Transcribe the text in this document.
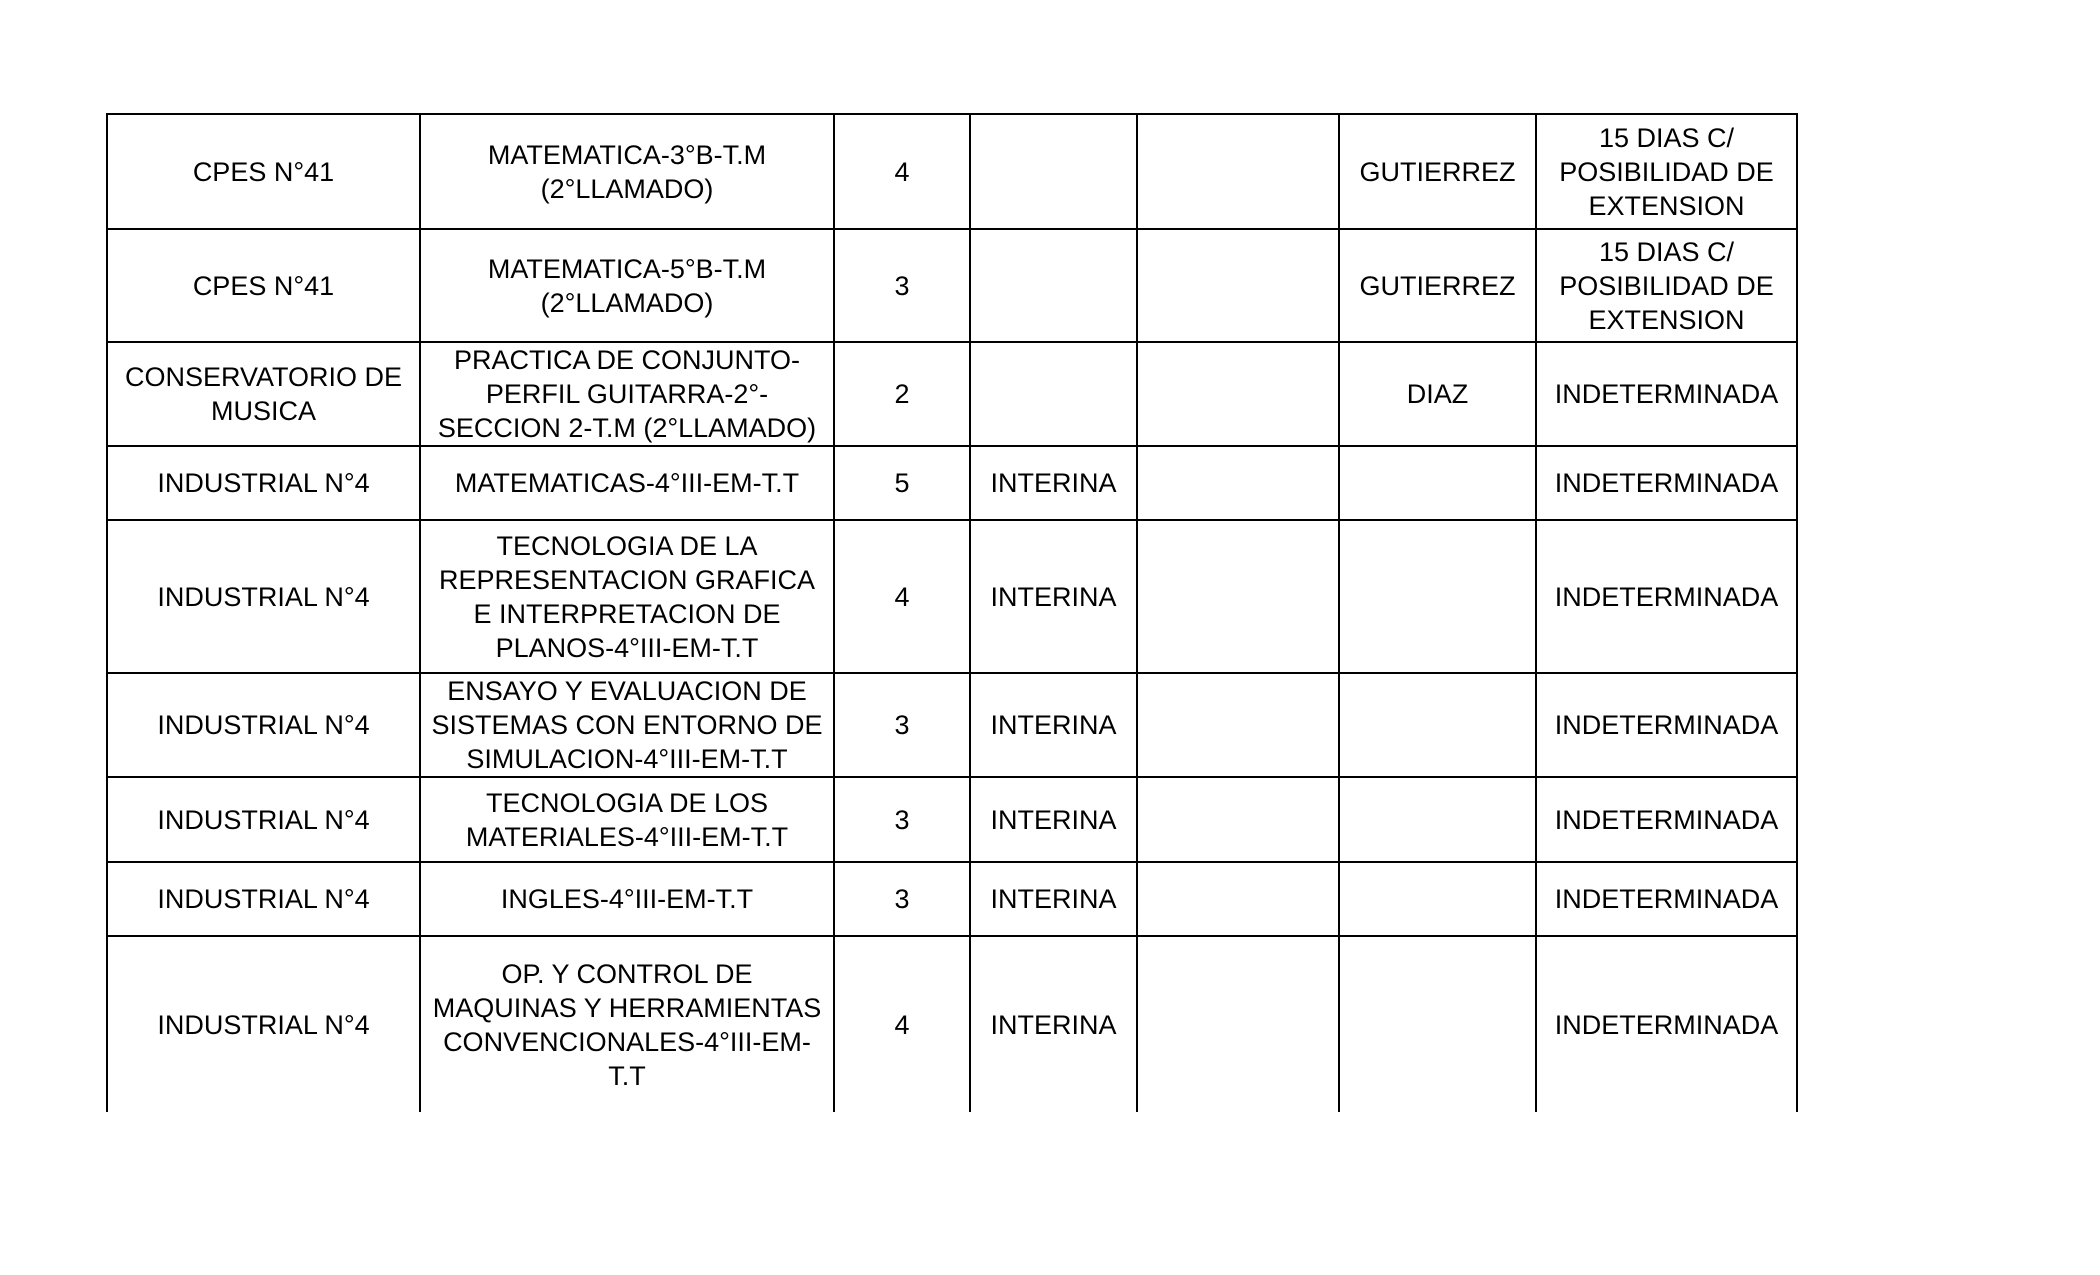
CPES N°41	MATEMATICA-3°B-T.M
(2°LLAMADO)	4			GUTIERREZ	15 DIAS C/
POSIBILIDAD DE
EXTENSION

CPES N°41	MATEMATICA-5°B-T.M
(2°LLAMADO)	3			GUTIERREZ	15 DIAS C/
POSIBILIDAD DE
EXTENSION

CONSERVATORIO DE
MUSICA	PRACTICA DE CONJUNTO-
PERFIL GUITARRA-2°-
SECCION 2-T.M (2°LLAMADO)	2			DIAZ	INDETERMINADA

INDUSTRIAL N°4	MATEMATICAS-4°III-EM-T.T	5	INTERINA			INDETERMINADA

INDUSTRIAL N°4	TECNOLOGIA DE LA
REPRESENTACION GRAFICA
E INTERPRETACION DE
PLANOS-4°III-EM-T.T	4	INTERINA			INDETERMINADA

INDUSTRIAL N°4	ENSAYO Y EVALUACION DE
SISTEMAS CON ENTORNO DE
SIMULACION-4°III-EM-T.T	3	INTERINA			INDETERMINADA

INDUSTRIAL N°4	TECNOLOGIA DE LOS
MATERIALES-4°III-EM-T.T	3	INTERINA			INDETERMINADA

INDUSTRIAL N°4	INGLES-4°III-EM-T.T	3	INTERINA			INDETERMINADA

INDUSTRIAL N°4	OP. Y CONTROL DE
MAQUINAS Y HERRAMIENTAS
CONVENCIONALES-4°III-EM-
T.T	4	INTERINA			INDETERMINADA
